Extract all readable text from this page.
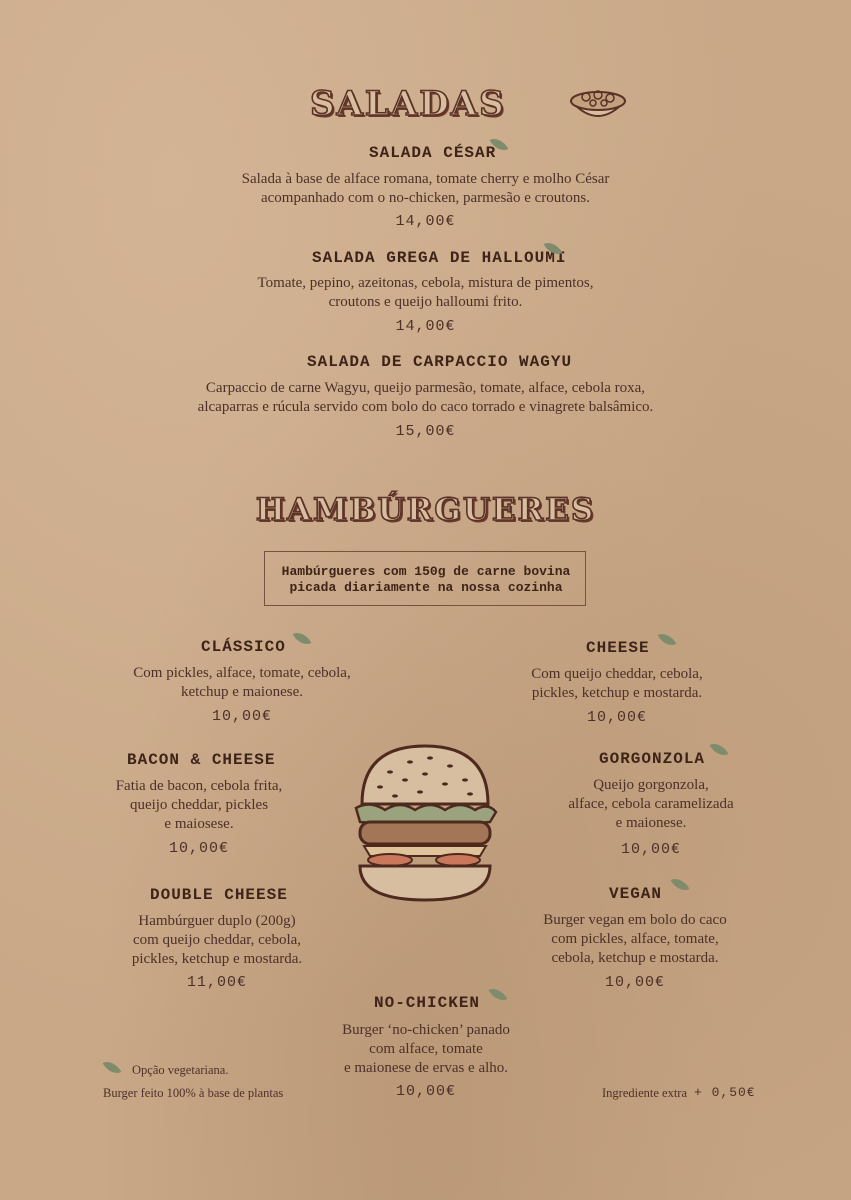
SALADAS
SALADA CÉSAR
Salada à base de alface romana, tomate cherry e molho César
acompanhado com o no-chicken, parmesão e croutons.
14,00€
SALADA GREGA DE HALLOUMI
Tomate, pepino, azeitonas, cebola, mistura de pimentos,
croutons e queijo halloumi frito.
14,00€
SALADA DE CARPACCIO WAGYU
Carpaccio de carne Wagyu, queijo parmesão, tomate, alface, cebola roxa,
alcaparras e rúcula servido com bolo do caco torrado e vinagrete balsâmico.
15,00€
HAMBÚRGUERES
Hambúrgueres com 150g de carne bovina
picada diariamente na nossa cozinha
CLÁSSICO
Com pickles, alface, tomate, cebola,
ketchup e maionese.
10,00€
CHEESE
Com queijo cheddar, cebola,
pickles, ketchup e mostarda.
10,00€
BACON & CHEESE
Fatia de bacon, cebola frita,
queijo cheddar, pickles
e maiosese.
10,00€
GORGONZOLA
Queijo gorgonzola,
alface, cebola caramelizada
e maionese.
10,00€
DOUBLE CHEESE
Hambúrguer duplo (200g)
com queijo cheddar, cebola,
pickles, ketchup e mostarda.
11,00€
VEGAN
Burger vegan em bolo do caco
com pickles, alface, tomate,
cebola, ketchup e mostarda.
10,00€
NO-CHICKEN
Burger ‘no-chicken’ panado
com alface, tomate
e maionese de ervas e alho.
10,00€
Opção vegetariana.
Burger feito 100% à base de plantas	Ingrediente extra + 0,50€
